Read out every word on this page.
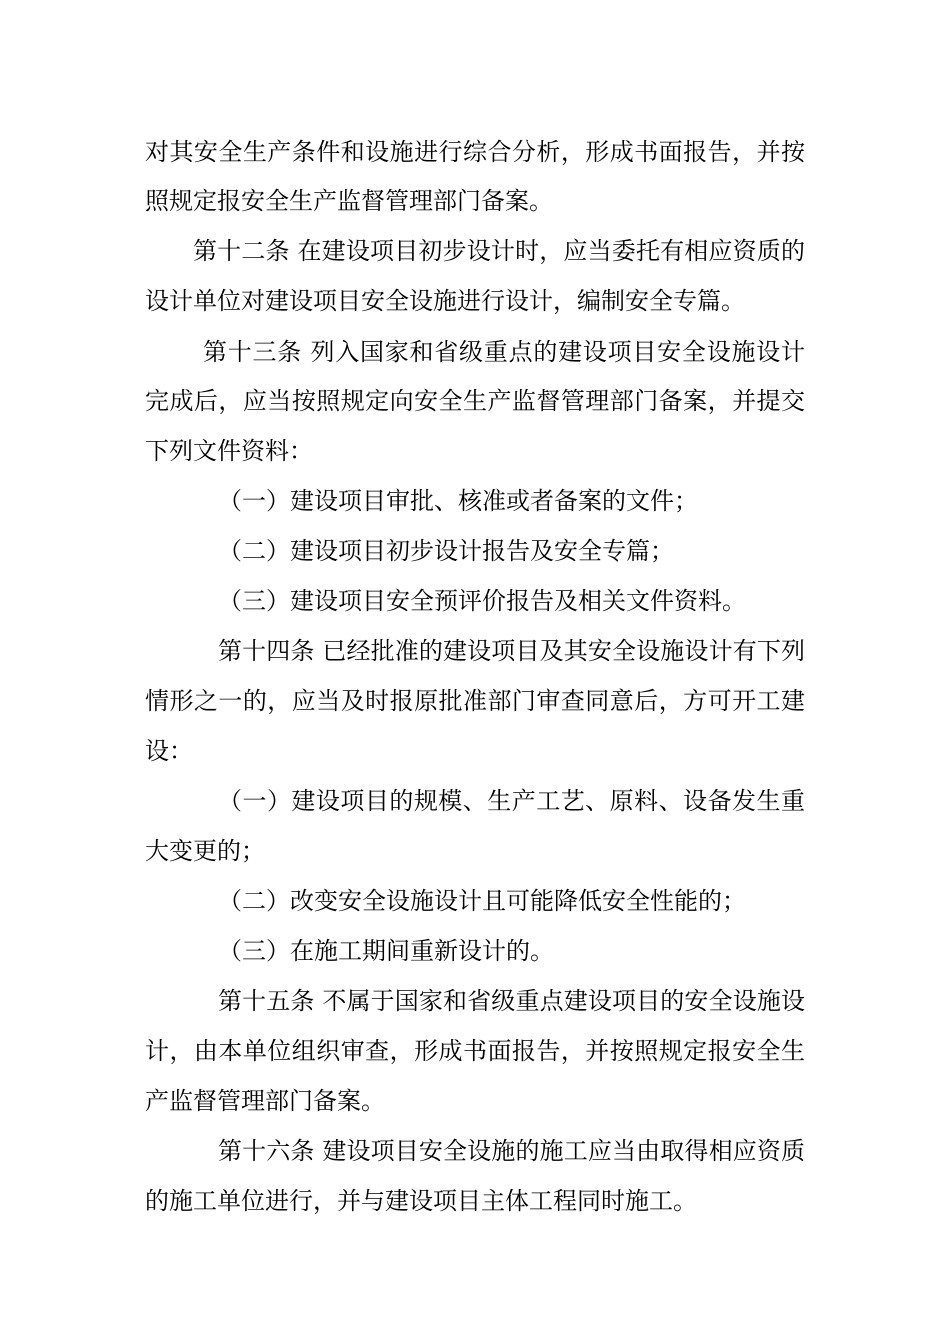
对其安全生产条件和设施进行综合分析，形成书面报告，并按
照规定报安全生产监督管理部门备案。
第十二条 在建设项目初步设计时，应当委托有相应资质的
设计单位对建设项目安全设施进行设计，编制安全专篇。
第十三条 列入国家和省级重点的建设项目安全设施设计
完成后，应当按照规定向安全生产监督管理部门备案，并提交
下列文件资料：
（一）建设项目审批、核准或者备案的文件；
（二）建设项目初步设计报告及安全专篇；
（三）建设项目安全预评价报告及相关文件资料。
第十四条 已经批准的建设项目及其安全设施设计有下列
情形之一的，应当及时报原批准部门审查同意后，方可开工建
设：
（一）建设项目的规模、生产工艺、原料、设备发生重
大变更的；
（二）改变安全设施设计且可能降低安全性能的；
（三）在施工期间重新设计的。
第十五条 不属于国家和省级重点建设项目的安全设施设
计，由本单位组织审查，形成书面报告，并按照规定报安全生
产监督管理部门备案。
第十六条 建设项目安全设施的施工应当由取得相应资质
的施工单位进行，并与建设项目主体工程同时施工。
